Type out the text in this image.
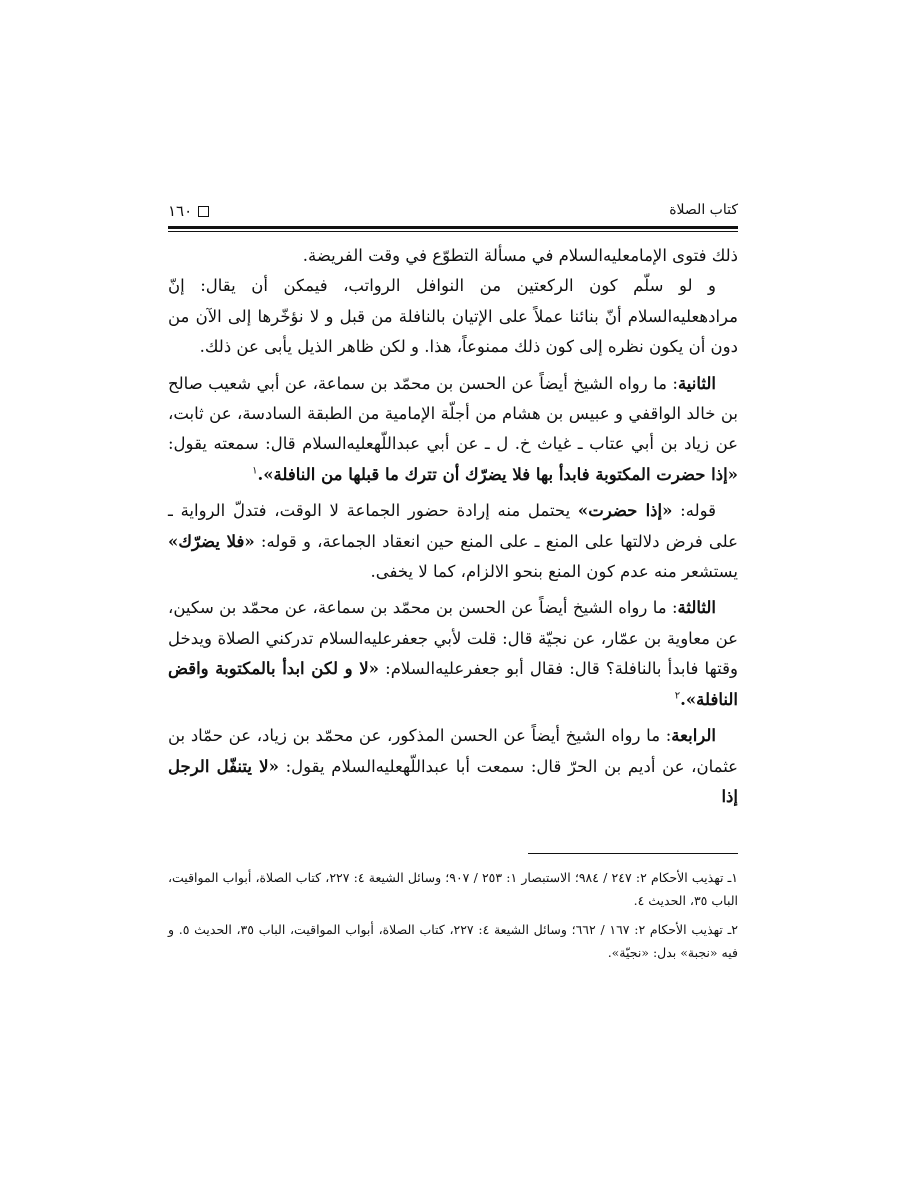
١٦٠	كتاب الصلاة

ذلك فتوى الإمامعليه‌السلام في مسألة التطوّع في وقت الفريضة.

و لو سلّم كون الركعتين من النوافل الرواتب، فيمكن أن يقال: إنّ مرادهعليه‌السلام أنّ بنائنا عملاً على الإتيان بالنافلة من قبل و لا نؤخّرها إلى الآن من دون أن يكون نظره إلى كون ذلك ممنوعاً، هذا. و لكن ظاهر الذيل يأبى عن ذلك.

الثانية: ما رواه الشيخ أيضاً عن الحسن بن محمّد بن سماعة، عن أبي شعيب صالح بن خالد الواقفي و عبيس بن هشام من أجلّة الإمامية من الطبقة السادسة، عن ثابت، عن زياد بن أبي عتاب ـ غياث خ. ل ـ عن أبي عبداللّهعليه‌السلام قال: سمعته يقول: «إذا حضرت المكتوبة فابدأ بها فلا يضرّك أن تترك ما قبلها من النافلة».$^١$

قوله: «إذا حضرت» يحتمل منه إرادة حضور الجماعة لا الوقت، فتدلّ الرواية ـ على فرض دلالتها على المنع ـ على المنع حين انعقاد الجماعة، و قوله: «فلا يضرّك» يستشعر منه عدم كون المنع بنحو الالزام، كما لا يخفى.

الثالثة: ما رواه الشيخ أيضاً عن الحسن بن محمّد بن سماعة، عن محمّد بن سكين، عن معاوية بن عمّار، عن نجيّة قال: قلت لأبي جعفرعليه‌السلام تدركني الصلاة ويدخل وقتها فابدأ بالنافلة؟ قال: فقال أبو جعفرعليه‌السلام: «لا و لكن ابدأ بالمكتوبة واقض النافلة».$^٢$

الرابعة: ما رواه الشيخ أيضاً عن الحسن المذكور، عن محمّد بن زياد، عن حمّاد بن عثمان، عن أديم بن الحرّ قال: سمعت أبا عبداللّهعليه‌السلام يقول: «لا يتنفّل الرجل إذا

١ـ تهذيب الأحكام ٢: ٢٤٧ / ٩٨٤؛ الاستبصار ١: ٢٥٣ / ٩٠٧؛ وسائل الشيعة ٤: ٢٢٧، كتاب الصلاة، أبواب المواقيت، الباب ٣٥، الحديث ٤.

٢ـ تهذيب الأحكام ٢: ١٦٧ / ٦٦٢؛ وسائل الشيعة ٤: ٢٢٧، كتاب الصلاة، أبواب المواقيت، الباب ٣٥، الحديث ٥. و فيه «نجبة» بدل: «نجيّة».
